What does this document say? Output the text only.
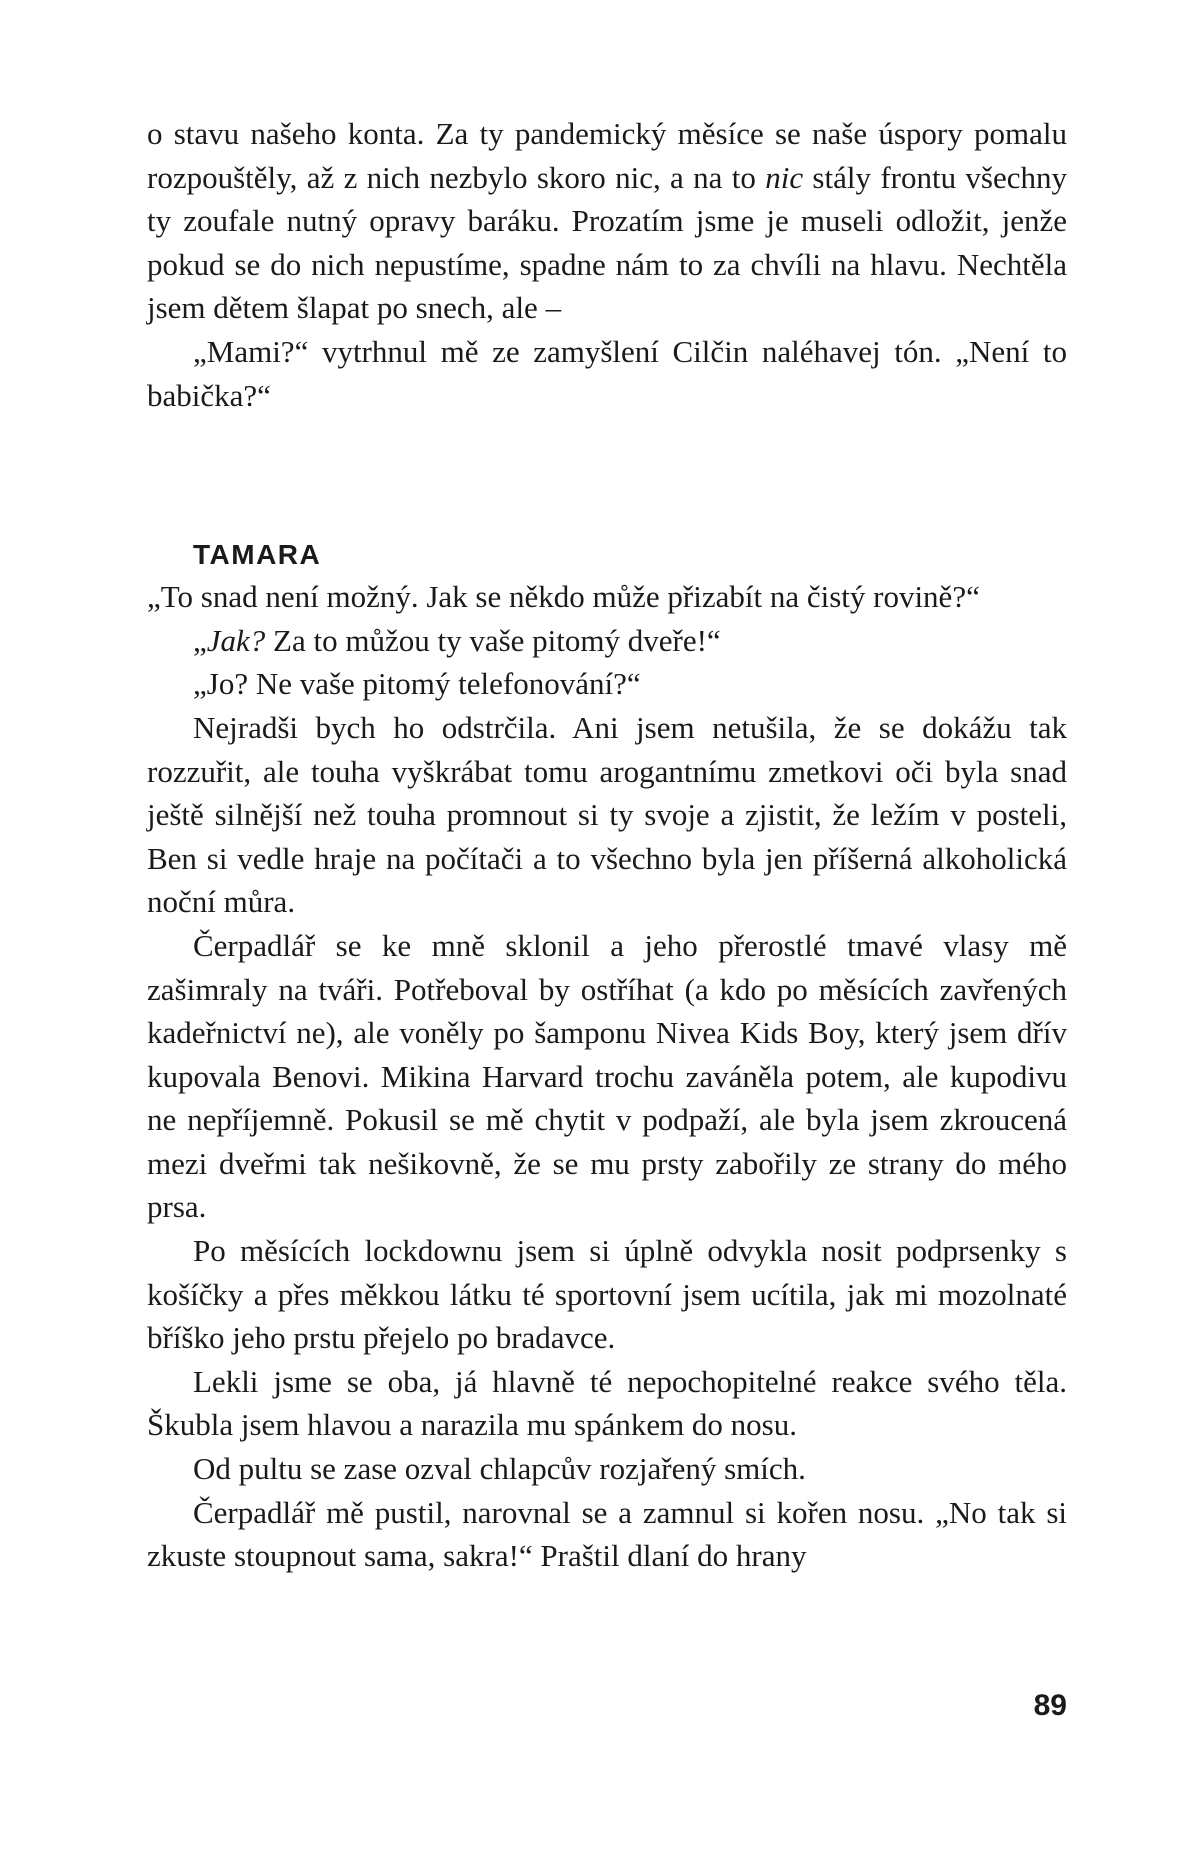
o stavu našeho konta. Za ty pandemický měsíce se naše úspory pomalu rozpouštěly, až z nich nezbylo skoro nic, a na to nic stály frontu všechny ty zoufale nutný opravy baráku. Prozatím jsme je museli odložit, jenže pokud se do nich nepustíme, spadne nám to za chvíli na hlavu. Nechtěla jsem dětem šlapat po snech, ale –

„Mami?“ vytrhnul mě ze zamyšlení Cilčin naléhavej tón. „Není to babička?“

TAMARA

„To snad není možný. Jak se někdo může přizabít na čistý rovině?“

„Jak? Za to můžou ty vaše pitomý dveře!“

„Jo? Ne vaše pitomý telefonování?“

Nejradši bych ho odstrčila. Ani jsem netušila, že se dokážu tak rozzuřit, ale touha vyškrábat tomu arogantnímu zmetkovi oči byla snad ještě silnější než touha promnout si ty svoje a zjistit, že ležím v posteli, Ben si vedle hraje na počítači a to všechno byla jen příšerná alkoholická noční můra.

Čerpadlář se ke mně sklonil a jeho přerostlé tmavé vlasy mě zašimraly na tváři. Potřeboval by ostříhat (a kdo po měsících zavřených kadeřnictví ne), ale voněly po šamponu Nivea Kids Boy, který jsem dřív kupovala Benovi. Mikina Harvard trochu zaváněla potem, ale kupodivu ne nepříjemně. Pokusil se mě chytit v podpaží, ale byla jsem zkroucená mezi dveřmi tak nešikovně, že se mu prsty zabořily ze strany do mého prsa.

Po měsících lockdownu jsem si úplně odvykla nosit podprsenky s košíčky a přes měkkou látku té sportovní jsem ucítila, jak mi mozolnaté bříško jeho prstu přejelo po bradavce.

Lekli jsme se oba, já hlavně té nepochopitelné reakce svého těla. Škubla jsem hlavou a narazila mu spánkem do nosu.

Od pultu se zase ozval chlapcův rozjařený smích.

Čerpadlář mě pustil, narovnal se a zamnul si kořen nosu. „No tak si zkuste stoupnout sama, sakra!“ Praštil dlaní do hrany

89
